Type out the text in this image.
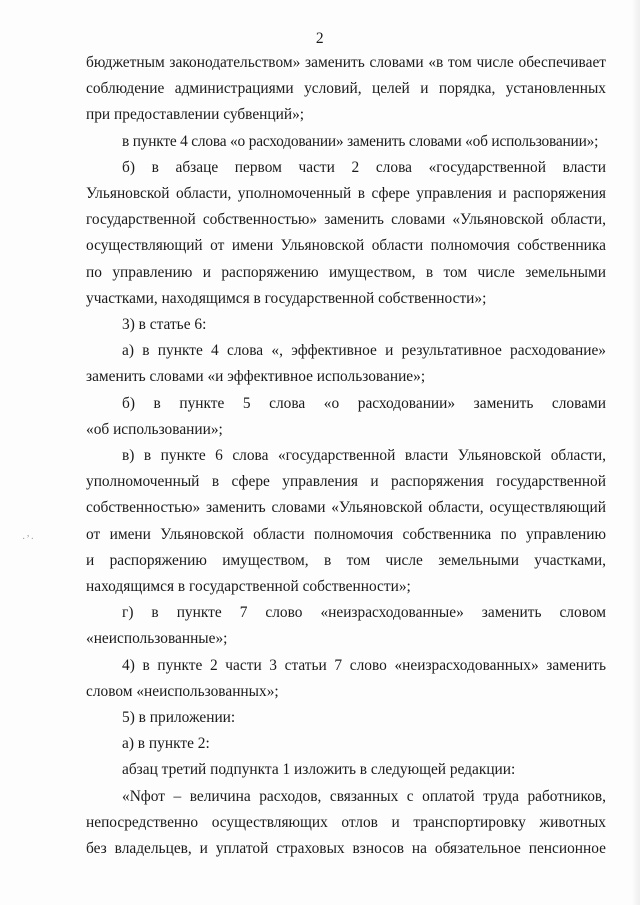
2
бюджетным законодательством» заменить словами «в том числе обеспечивает
соблюдение администрациями условий, целей и порядка, установленных
при предоставлении субвенций»;
в пункте 4 слова «о расходовании» заменить словами «об использовании»;
б) в абзаце первом части 2 слова «государственной власти
Ульяновской области, уполномоченный в сфере управления и распоряжения
государственной собственностью» заменить словами «Ульяновской области,
осуществляющий от имени Ульяновской области полномочия собственника
по управлению и распоряжению имуществом, в том числе земельными
участками, находящимся в государственной собственности»;
3) в статье 6:
а) в пункте 4 слова «, эффективное и результативное расходование»
заменить словами «и эффективное использование»;
б) в пункте 5 слова «о расходовании» заменить словами
«об использовании»;
в) в пункте 6 слова «государственной власти Ульяновской области,
уполномоченный в сфере управления и распоряжения государственной
собственностью» заменить словами «Ульяновской области, осуществляющий
от имени Ульяновской области полномочия собственника по управлению
и распоряжению имуществом, в том числе земельными участками,
находящимся в государственной собственности»;
г) в пункте 7 слово «неизрасходованные» заменить словом
«неиспользованные»;
4) в пункте 2 части 3 статьи 7 слово «неизрасходованных» заменить
словом «неиспользованных»;
5) в приложении:
а) в пункте 2:
абзац третий подпункта 1 изложить в следующей редакции:
«Nфот – величина расходов, связанных с оплатой труда работников,
непосредственно осуществляющих отлов и транспортировку животных
без владельцев, и уплатой страховых взносов на обязательное пенсионное
·ʼ·
